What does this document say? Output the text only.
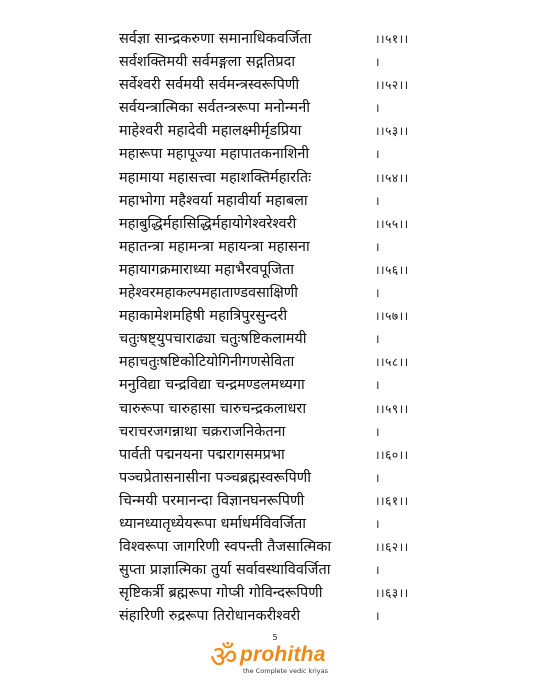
सर्वज्ञा सान्द्रकरुणा समानाधिकवर्जिता	।।५१।।
सर्वशक्तिमयी सर्वमङ्गला सद्गतिप्रदा	।
सर्वेश्वरी सर्वमयी सर्वमन्त्रस्वरूपिणी	।।५२।।
सर्वयन्त्रात्मिका सर्वतन्त्ररूपा मनोन्मनी	।
माहेश्वरी महादेवी महालक्ष्मीर्मृडप्रिया	।।५३।।
महारूपा महापूज्या महापातकनाशिनी	।
महामाया महासत्त्वा महाशक्तिर्महारतिः	।।५४।।
महाभोगा महैश्वर्या महावीर्या महाबला	।
महाबुद्धिर्महासिद्धिर्महायोगेश्वरेश्वरी	।।५५।।
महातन्त्रा महामन्त्रा महायन्त्रा महासना	।
महायागक्रमाराध्या महाभैरवपूजिता	।।५६।।
महेश्वरमहाकल्पमहाताण्डवसाक्षिणी	।
महाकामेशमहिषी महात्रिपुरसुन्दरी	।।५७।।
चतुःषष्ट्युपचाराढ्या चतुःषष्टिकलामयी	।
महाचतुःषष्टिकोटियोगिनीगणसेविता	।।५८।।
मनुविद्या चन्द्रविद्या चन्द्रमण्डलमध्यगा	।
चारुरूपा चारुहासा चारुचन्द्रकलाधरा	।।५९।।
चराचरजगन्नाथा चक्रराजनिकेतना	।
पार्वती पद्मनयना पद्मरागसमप्रभा	।।६०।।
पञ्चप्रेतासनासीना पञ्चब्रह्मस्वरूपिणी	।
चिन्मयी परमानन्दा विज्ञानघनरूपिणी	।।६१।।
ध्यानध्यातृध्येयरूपा धर्माधर्मविवर्जिता	।
विश्वरूपा जागरिणी स्वपन्ती तैजसात्मिका	।।६२।।
सुप्ता प्राज्ञात्मिका तुर्या सर्वावस्थाविवर्जिता	।
सृष्टिकर्त्री ब्रह्मरूपा गोप्त्री गोविन्दरूपिणी	।।६३।।
संहारिणी रुद्ररूपा तिरोधानकरीश्वरी	।
5
ॐ prohitha
the Complete vedic kriyas
